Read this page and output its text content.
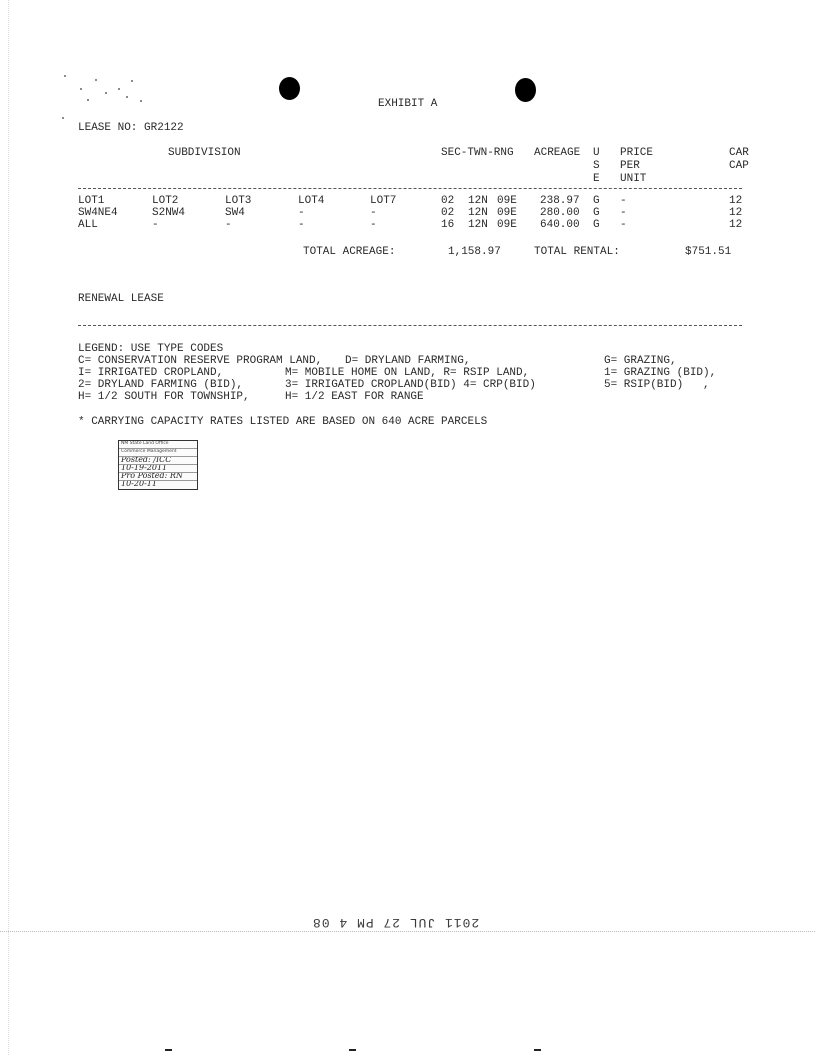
EXHIBIT A
LEASE NO: GR2122
SUBDIVISION	SEC-TWN-RNG ACREAGE U
S
E
PRICE
PER
UNIT
CAR
CAP
LOT1	LOT2	LOT3	LOT4	LOT7	02 12N 09E 238.97 G -	12
SW4NE4	S2NW4	SW4	-	-	02 12N 09E 280.00 G -	12
ALL	-	-	-	-	16 12N 09E 640.00 G -	12
TOTAL ACREAGE:	1,158.97	TOTAL RENTAL:	$751.51
RENEWAL LEASE
LEGEND: USE TYPE CODES
C= CONSERVATION RESERVE PROGRAM LAND, D= DRYLAND FARMING,	G= GRAZING,
I= IRRIGATED CROPLAND,	M= MOBILE HOME ON LAND, R= RSIP LAND,	1= GRAZING (BID),
2= DRYLAND FARMING (BID),	3= IRRIGATED CROPLAND(BID) 4= CRP(BID)	5= RSIP(BID)   ,
H= 1/2 SOUTH FOR TOWNSHIP,	H= 1/2 EAST FOR RANGE
* CARRYING CAPACITY RATES LISTED ARE BASED ON 640 ACRE PARCELS
NM State Land Office
Commerce Management
Posted: /ICC
10-19-2011
Pro Posted: RN
10-20-11
2011 JUL 27 PM 4 08
